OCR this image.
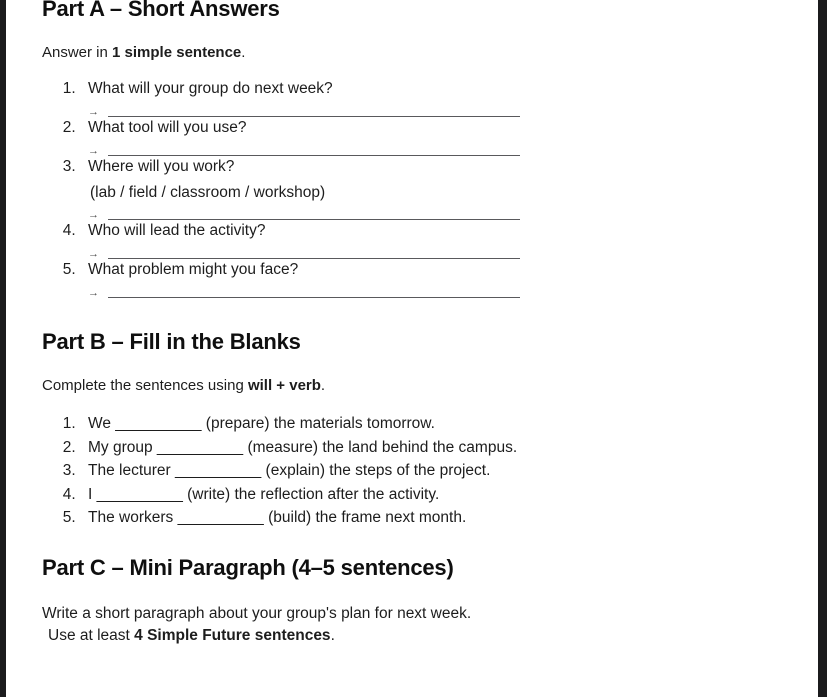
Part A – Short Answers

Answer in 1 simple sentence.

1. What will your group do next week?
→
2. What tool will you use?
→
3. Where will you work?
(lab / field / classroom / workshop)
→
4. Who will lead the activity?
→
5. What problem might you face?
→
Part B – Fill in the Blanks

Complete the sentences using will + verb.

1. We __________ (prepare) the materials tomorrow.
2. My group __________ (measure) the land behind the campus.
3. The lecturer __________ (explain) the steps of the project.
4. I __________ (write) the reflection after the activity.
5. The workers __________ (build) the frame next month.
Part C – Mini Paragraph (4–5 sentences)
Write a short paragraph about your group's plan for next week.
Use at least 4 Simple Future sentences.
